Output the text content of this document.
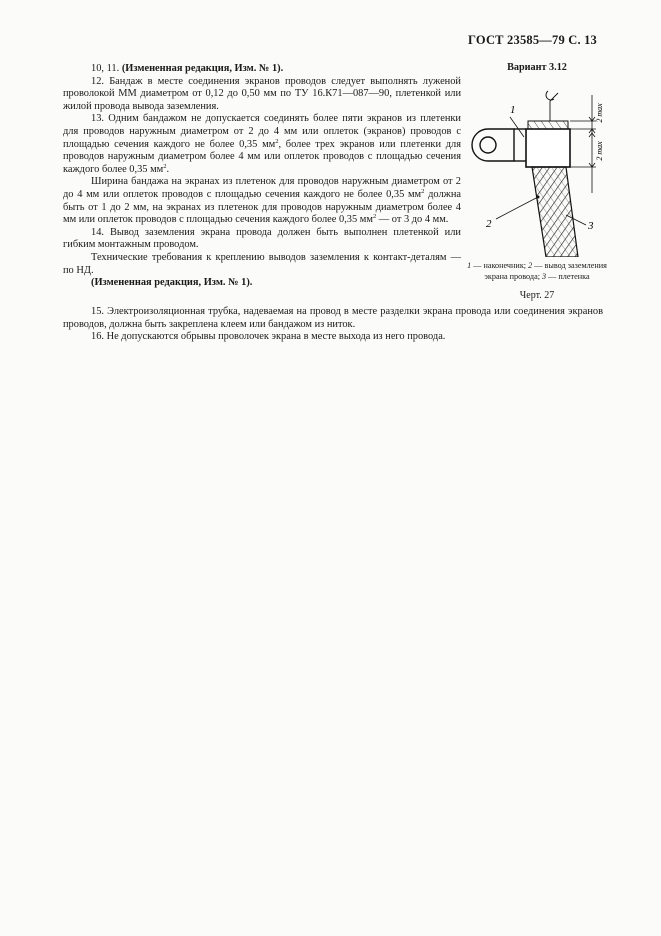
ГОСТ 23585—79 С. 13

10, 11. (Измененная редакция, Изм. № 1).

12. Бандаж в месте соединения экранов проводов следует выполнять луженой проволокой ММ диаметром от 0,12 до 0,50 мм по ТУ 16.К71—087—90, плетенкой или жилой провода вывода заземления.

13. Одним бандажом не допускается соединять более пяти экранов из плетенки для проводов наружным диаметром от 2 до 4 мм или оплеток (экранов) проводов с площадью сечения каждого не более 0,35 $мм^2$, более трех экранов или плетенки для проводов наружным диаметром более 4 мм или оплеток проводов с площадью сечения каждого более 0,35 $мм^2$.

Ширина бандажа на экранах из плетенок для проводов наружным диаметром от 2 до 4 мм или оплеток проводов с площадью сечения каждого не более 0,35 $мм^2$ должна быть от 1 до 2 мм, на экранах из плетенок для проводов наружным диаметром более 4 мм или оплеток проводов с площадью сечения каждого более 0,35 $мм^2$ — от 3 до 4 мм.

14. Вывод заземления экрана провода должен быть выполнен плетенкой или гибким монтажным проводом.

Технические требования к креплению выводов заземления к контакт-деталям — по НД.

(Измененная редакция, Изм. № 1).

15. Электроизоляционная трубка, надеваемая на провод в месте разделки экрана провода или соединения экранов проводов, должна быть закреплена клеем или бандажом из ниток.

16. Не допускаются обрывы проволочек экрана в месте выхода из него провода.

Вариант 3.12
2 max
2 max
1
2	3
1 — наконечник; 2 — вывод заземления экрана провода; 3 — плетенка
Черт. 27
